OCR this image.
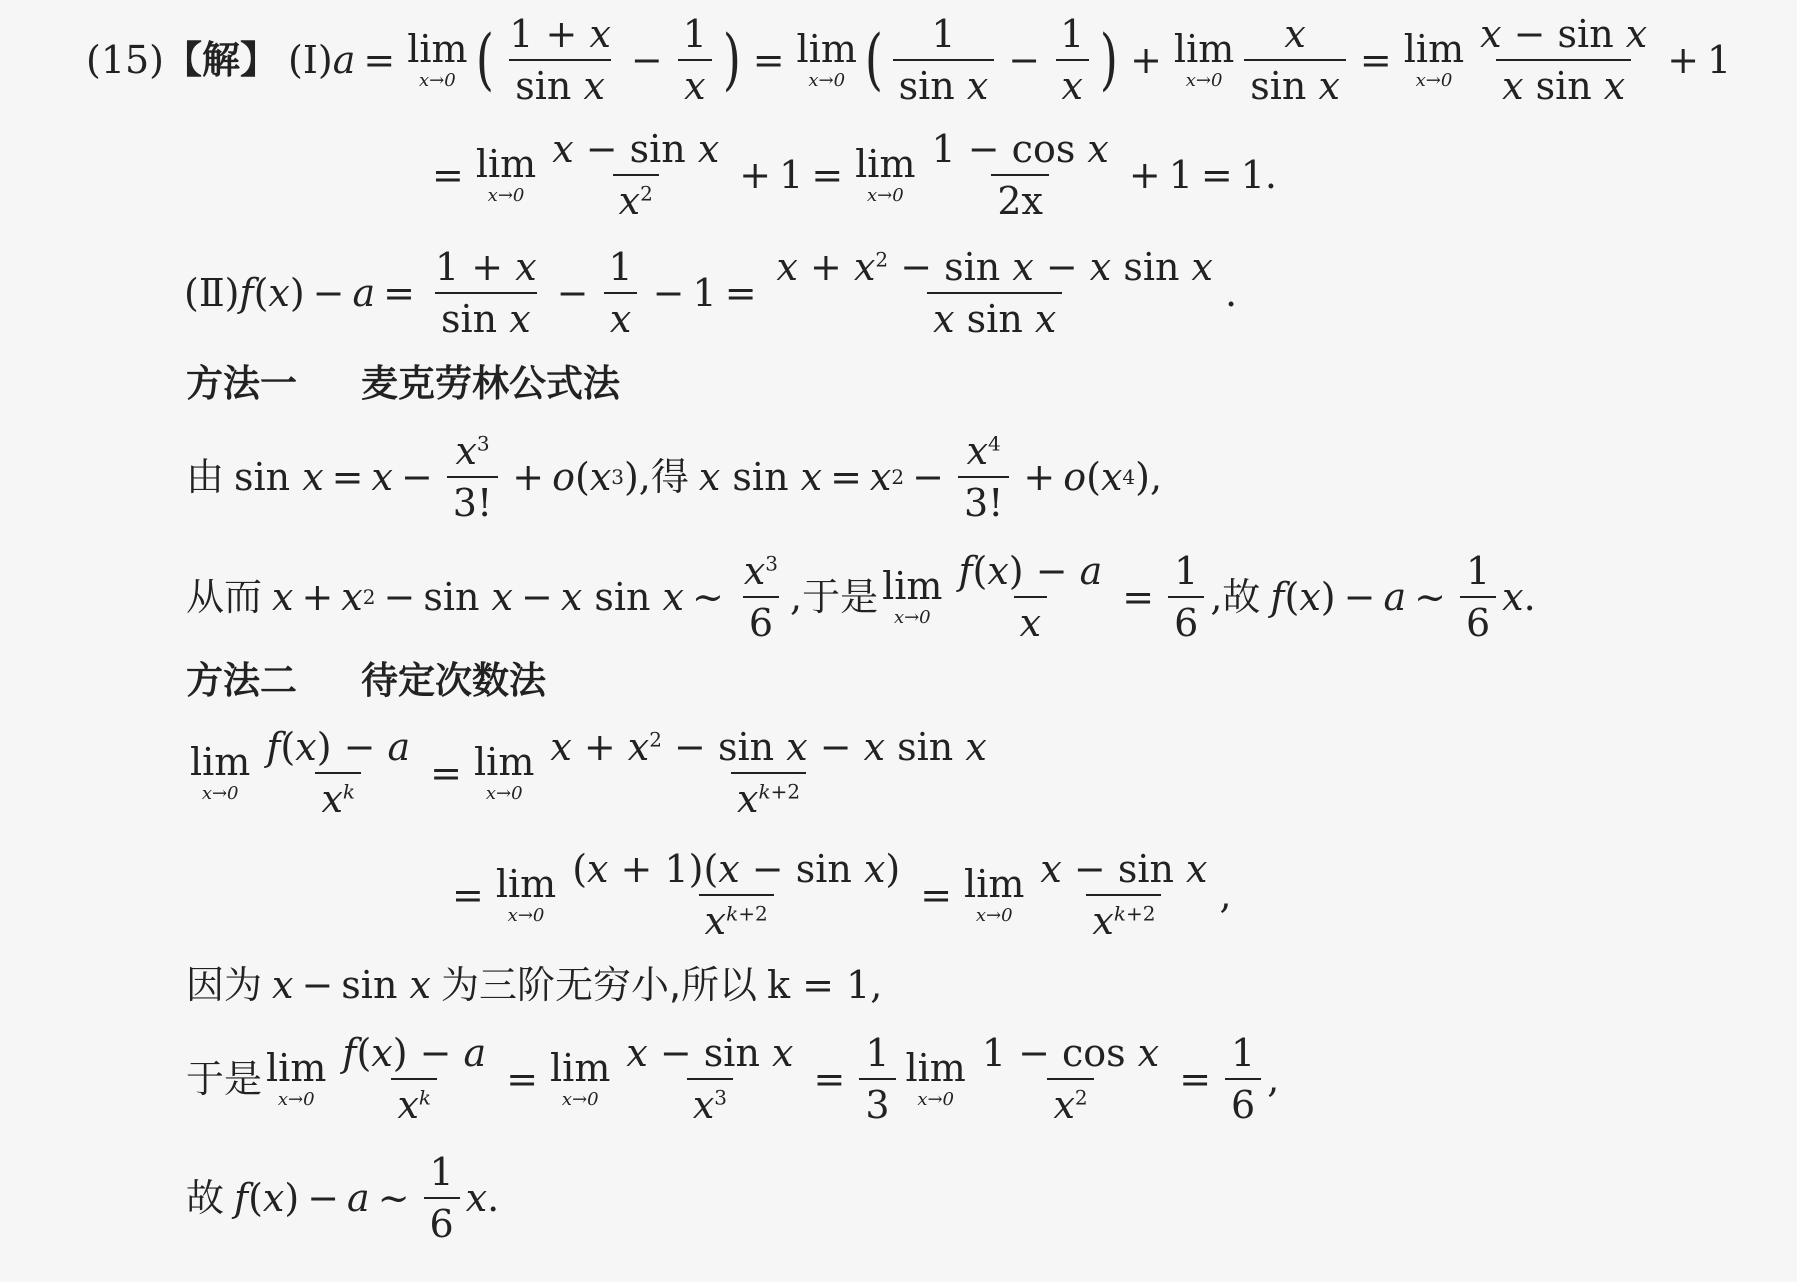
(15) 【解】 (Ⅰ) a = lim
x→0 ( $\frac{1 + x}{\text{sin x}} - \frac{1}{x}$ ) = lim
x→0 ( $\frac{1}{\text{sin x}} - \frac{1}{x}$ ) + lim
$x\to 0 \frac{x}{\text{sin x}} = \lim$
$x\to 0 \frac{\text{x − sin x}}{\text{x sin x}} + 1$
= lim
$x\to 0 \frac{\text{x − sin x}}{x^2} + 1 = \lim$
$x\to 0 \frac{\text{1 − cos x}}{2x} + 1 = 1$ .
(Ⅱ) f ( x ) − $a = \frac{1 + x}{\text{sin x}} - \frac{1}{x} - 1 = \frac{x + x^2 - \sin x - x \sin x}{\text{x sin x}}$ .
方法一 麦克劳林公式法
由 $\sin x = x - \frac{x^3}{3!} + o$ ( x 3 ), 得 x sin x = x $2 - \frac{x^4}{3!} + o$ ( x 4 ),
从而 x + x 2 − sin x − x sin x ~ $\frac{x^3}{6}$ , 于是 lim
$x\to 0 \frac{f(x) - a}{x} = \frac{1}{6}$ , 故 f ( x ) − a ~ $\frac{1}{6}$ x .
方法二 待定次数法
lim
$x\to 0 \frac{f(x) - a}{x^k} = \lim$
$x\to 0 \frac{x + x^2 - \sin x - x \sin x}{x^{k+2}}$
= lim
$x\to 0 \frac{\text{(x + 1)(x − sin x)}}{x^{k+2}} = \lim$
$x\to 0 \frac{\text{x − sin x}}{x^{k+2}}$ ,
因为 x − sin x 为三阶无穷小,所以 k = 1,
于是 lim
$x\to 0 \frac{f(x) - a}{x^k} = \lim$
$x\to 0 \frac{\text{x − sin x}}{x^3} = \frac{1}{3}$ lim
$x\to 0 \frac{\text{1 − cos x}}{x^2} = \frac{1}{6}$ ,
故 f ( x ) − a ~ $\frac{1}{6}$ x .
